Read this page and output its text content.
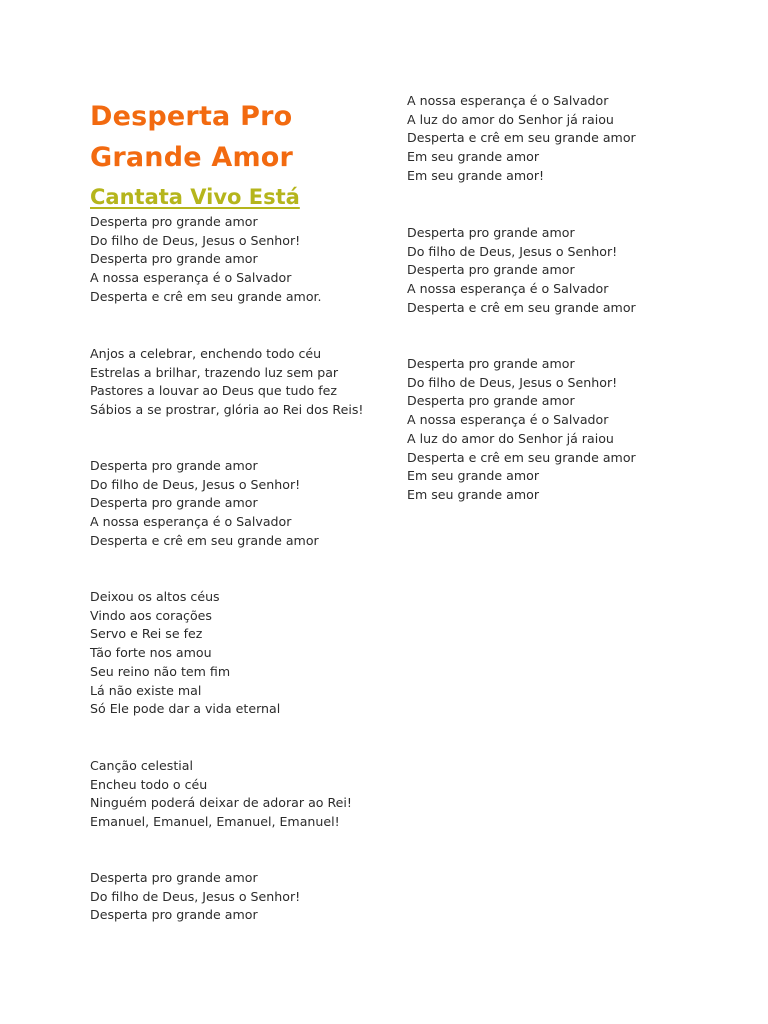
Desperta Pro Grande Amor
Cantata Vivo Está
Desperta pro grande amor
Do filho de Deus, Jesus o Senhor!
Desperta pro grande amor
A nossa esperança é o Salvador
Desperta e crê em seu grande amor.
Anjos a celebrar, enchendo todo céu
Estrelas a brilhar, trazendo luz sem par
Pastores a louvar ao Deus que tudo fez
Sábios a se prostrar, glória ao Rei dos Reis!
Desperta pro grande amor
Do filho de Deus, Jesus o Senhor!
Desperta pro grande amor
A nossa esperança é o Salvador
Desperta e crê em seu grande amor
Deixou os altos céus
Vindo aos corações
Servo e Rei se fez
Tão forte nos amou
Seu reino não tem fim
Lá não existe mal
Só Ele pode dar a vida eternal
Canção celestial
Encheu todo o céu
Ninguém poderá deixar de adorar ao Rei!
Emanuel, Emanuel, Emanuel, Emanuel!
Desperta pro grande amor
Do filho de Deus, Jesus o Senhor!
Desperta pro grande amor
A nossa esperança é o Salvador
A luz do amor do Senhor já raiou
Desperta e crê em seu grande amor
Em seu grande amor
Em seu grande amor!
Desperta pro grande amor
Do filho de Deus, Jesus o Senhor!
Desperta pro grande amor
A nossa esperança é o Salvador
Desperta e crê em seu grande amor
Desperta pro grande amor
Do filho de Deus, Jesus o Senhor!
Desperta pro grande amor
A nossa esperança é o Salvador
A luz do amor do Senhor já raiou
Desperta e crê em seu grande amor
Em seu grande amor
Em seu grande amor
